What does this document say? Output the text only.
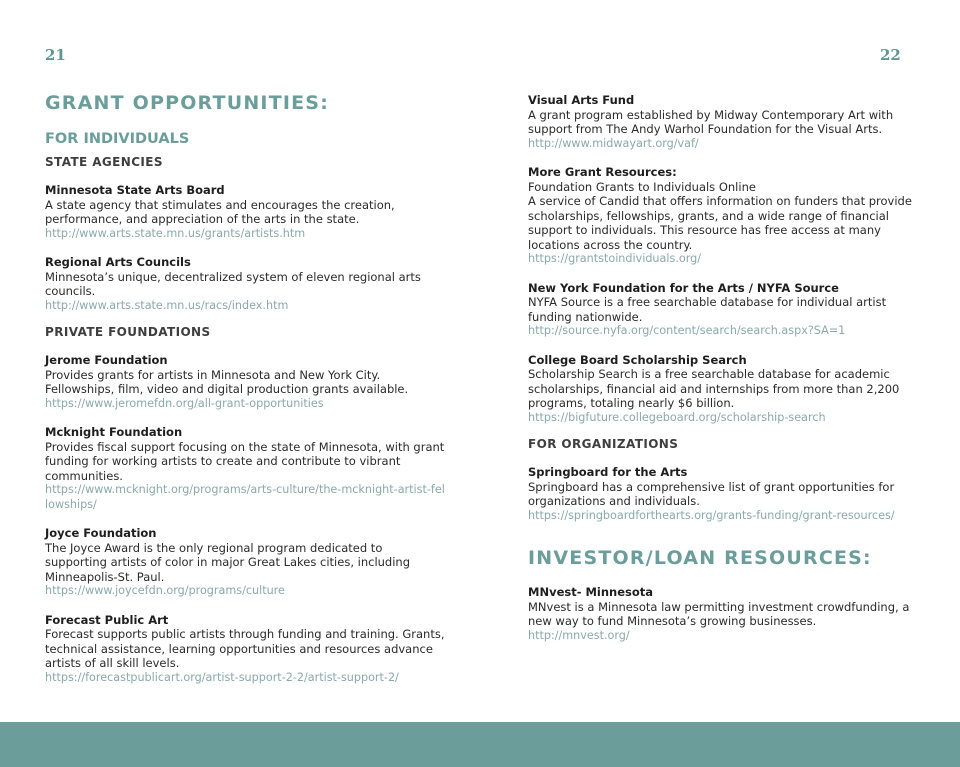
21	22
GRANT OPPORTUNITIES:
FOR INDIVIDUALS
STATE AGENCIES
Minnesota State Arts Board
A state agency that stimulates and encourages the creation, performance, and appreciation of the arts in the state.
http://www.arts.state.mn.us/grants/artists.htm
Regional Arts Councils
Minnesota’s unique, decentralized system of eleven regional arts councils.
http://www.arts.state.mn.us/racs/index.htm
PRIVATE FOUNDATIONS
Jerome Foundation
Provides grants for artists in Minnesota and New York City. Fellowships, film, video and digital production grants available.
https://www.jeromefdn.org/all-grant-opportunities
Mcknight Foundation
Provides fiscal support focusing on the state of Minnesota, with grant funding for working artists to create and contribute to vibrant communities.
https://www.mcknight.org/programs/arts-culture/the-mcknight-artist-fellowships/
Joyce Foundation
The Joyce Award is the only regional program dedicated to supporting artists of color in major Great Lakes cities, including Minneapolis-St. Paul.
https://www.joycefdn.org/programs/culture
Forecast Public Art
Forecast supports public artists through funding and training. Grants, technical assistance, learning opportunities and resources advance artists of all skill levels.
https://forecastpublicart.org/artist-support-2-2/artist-support-2/
Visual Arts Fund
A grant program established by Midway Contemporary Art with support from The Andy Warhol Foundation for the Visual Arts.
http://www.midwayart.org/vaf/
More Grant Resources:
Foundation Grants to Individuals Online
A service of Candid that offers information on funders that provide scholarships, fellowships, grants, and a wide range of financial support to individuals. This resource has free access at many locations across the country.
https://grantstoindividuals.org/
New York Foundation for the Arts / NYFA Source
NYFA Source is a free searchable database for individual artist funding nationwide.
http://source.nyfa.org/content/search/search.aspx?SA=1
College Board Scholarship Search
Scholarship Search is a free searchable database for academic scholarships, financial aid and internships from more than 2,200 programs, totaling nearly $6 billion.
https://bigfuture.collegeboard.org/scholarship-search
FOR ORGANIZATIONS
Springboard for the Arts
Springboard has a comprehensive list of grant opportunities for organizations and individuals.
https://springboardforthearts.org/grants-funding/grant-resources/
INVESTOR/LOAN RESOURCES:
MNvest- Minnesota
MNvest is a Minnesota law permitting investment crowdfunding, a new way to fund Minnesota’s growing businesses.
http://mnvest.org/
